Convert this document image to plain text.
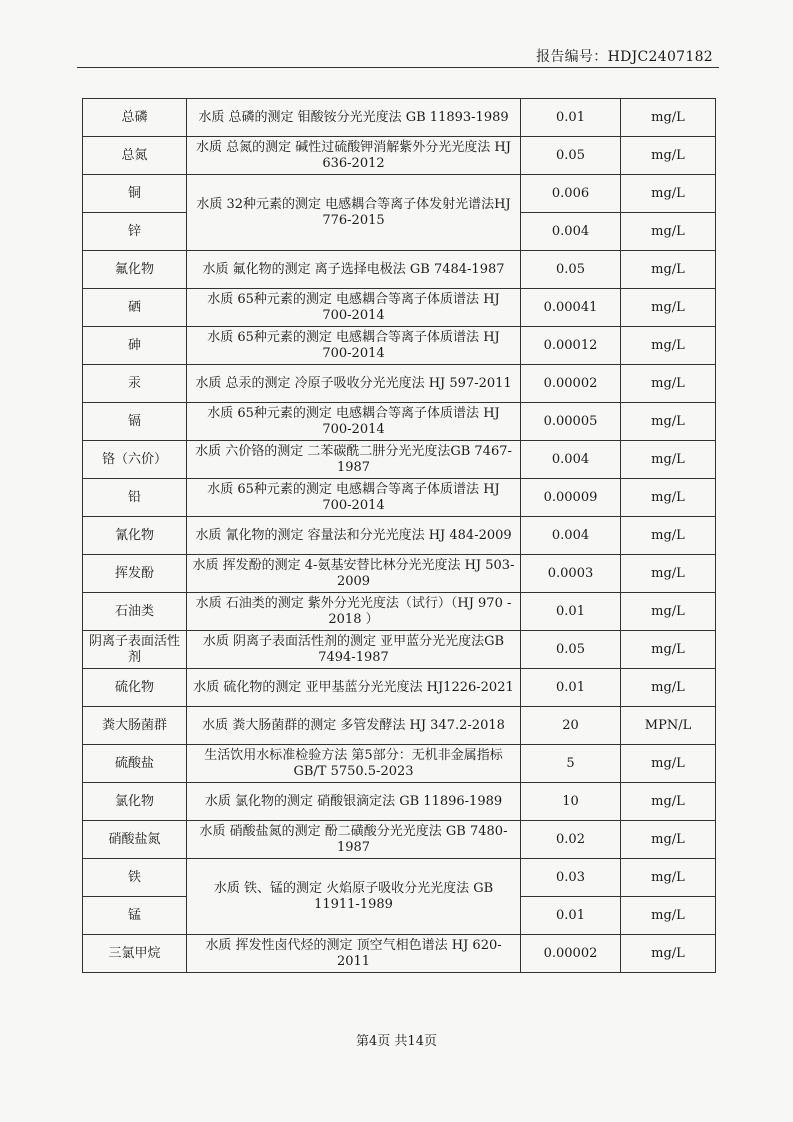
报告编号：HDJC2407182
总磷	水质 总磷的测定 钼酸铵分光光度法 GB 11893-1989	0.01	mg/L
总氮	水质 总氮的测定 碱性过硫酸钾消解紫外分光光度法 HJ 636-2012	0.05	mg/L
铜	水质 32种元素的测定 电感耦合等离子体发射光谱法HJ 776-2015	0.006	mg/L
锌		0.004	mg/L
氟化物	水质 氟化物的测定 离子选择电极法 GB 7484-1987	0.05	mg/L
硒	水质 65种元素的测定 电感耦合等离子体质谱法 HJ 700-2014	0.00041	mg/L
砷	水质 65种元素的测定 电感耦合等离子体质谱法 HJ 700-2014	0.00012	mg/L
汞	水质 总汞的测定 冷原子吸收分光光度法 HJ 597-2011	0.00002	mg/L
镉	水质 65种元素的测定 电感耦合等离子体质谱法 HJ 700-2014	0.00005	mg/L
铬（六价）	水质 六价铬的测定 二苯碳酰二肼分光光度法GB 7467-1987	0.004	mg/L
铅	水质 65种元素的测定 电感耦合等离子体质谱法 HJ 700-2014	0.00009	mg/L
氰化物	水质 氰化物的测定 容量法和分光光度法 HJ 484-2009	0.004	mg/L
挥发酚	水质 挥发酚的测定 4-氨基安替比林分光光度法 HJ 503-2009	0.0003	mg/L
石油类	水质 石油类的测定 紫外分光光度法（试行）（HJ 970 - 2018 ）	0.01	mg/L
阴离子表面活性剂	水质 阴离子表面活性剂的测定 亚甲蓝分光光度法GB 7494-1987	0.05	mg/L
硫化物	水质 硫化物的测定 亚甲基蓝分光光度法 HJ1226-2021	0.01	mg/L
粪大肠菌群	水质 粪大肠菌群的测定 多管发酵法 HJ 347.2-2018	20	MPN/L
硫酸盐	生活饮用水标准检验方法 第5部分：无机非金属指标 GB/T 5750.5-2023	5	mg/L
氯化物	水质 氯化物的测定 硝酸银滴定法 GB 11896-1989	10	mg/L
硝酸盐氮	水质 硝酸盐氮的测定 酚二磺酸分光光度法 GB 7480-1987	0.02	mg/L
铁	水质 铁、锰的测定 火焰原子吸收分光光度法 GB 11911-1989	0.03	mg/L
锰		0.01	mg/L
三氯甲烷	水质 挥发性卤代烃的测定 顶空气相色谱法 HJ 620-2011	0.00002	mg/L
第4页 共14页
